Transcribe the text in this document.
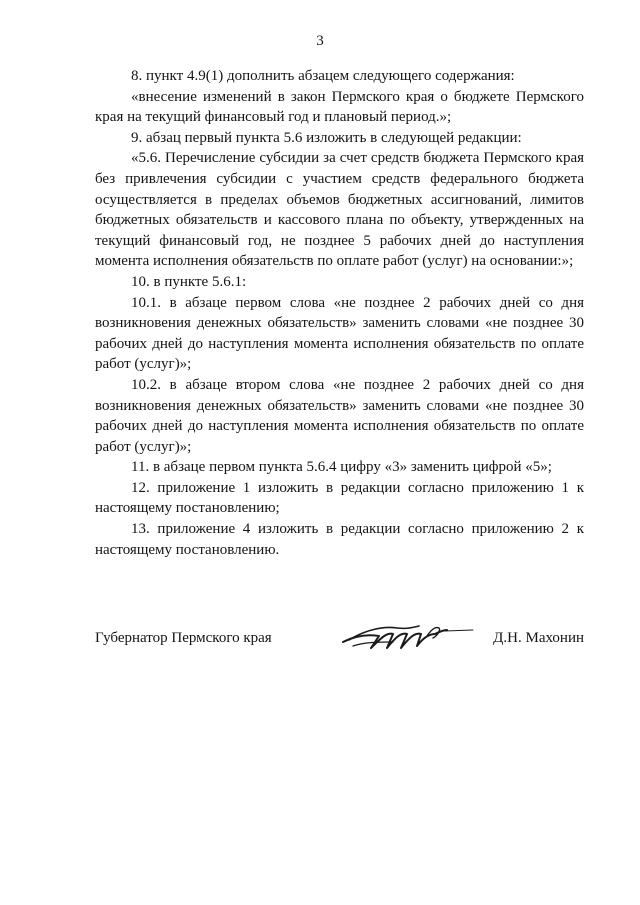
3

8. пункт 4.9(1) дополнить абзацем следующего содержания:

«внесение изменений в закон Пермского края о бюджете Пермского края на текущий финансовый год и плановый период.»;

9. абзац первый пункта 5.6 изложить в следующей редакции:

«5.6. Перечисление субсидии за счет средств бюджета Пермского края без привлечения субсидии с участием средств федерального бюджета осуществляется в пределах объемов бюджетных ассигнований, лимитов бюджетных обязательств и кассового плана по объекту, утвержденных на текущий финансовый год, не позднее 5 рабочих дней до наступления момента исполнения обязательств по оплате работ (услуг) на основании:»;

10. в пункте 5.6.1:

10.1. в абзаце первом слова «не позднее 2 рабочих дней со дня возникновения денежных обязательств» заменить словами «не позднее 30 рабочих дней до наступления момента исполнения обязательств по оплате работ (услуг)»;

10.2. в абзаце втором слова «не позднее 2 рабочих дней со дня возникновения денежных обязательств» заменить словами «не позднее 30 рабочих дней до наступления момента исполнения обязательств по оплате работ (услуг)»;

11. в абзаце первом пункта 5.6.4 цифру «3» заменить цифрой «5»;

12. приложение 1 изложить в редакции согласно приложению 1 к настоящему постановлению;

13. приложение 4 изложить в редакции согласно приложению 2 к настоящему постановлению.

Губернатор Пермского края	Д.Н. Махонин
